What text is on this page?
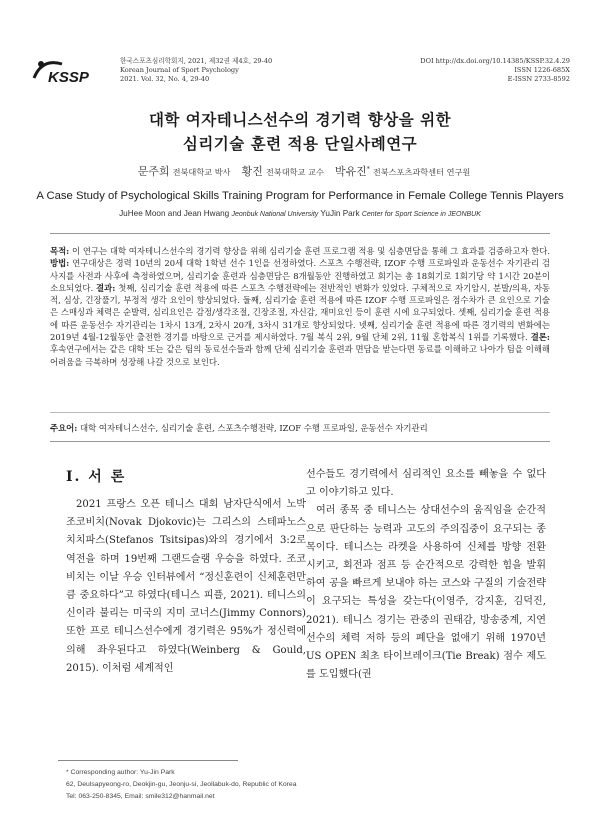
KSSP
한국스포츠심리학회지, 2021, 제32권 제4호, 29-40
Korean Journal of Sport Psychology
2021. Vol. 32, No. 4, 29-40
DOI http://dx.doi.org/10.14385/KSSP.32.4.29
ISSN 1226-685X
E-ISSN 2733-8592
대학 여자테니스선수의 경기력 향상을 위한
심리기술 훈련 적용 단일사례연구
문주희 전북대학교 박사 황진 전북대학교 교수 박유진* 전북스포츠과학센터 연구원
A Case Study of Psychological Skills Training Program for Performance in Female College Tennis Players
JuHee Moon and Jean Hwang Jeonbuk National University YuJin Park Center for Sport Science in JEONBUK
목적: 이 연구는 대학 여자테니스선수의 경기력 향상을 위해 심리기술 훈련 프로그램 적용 및 심층면담을 통해 그 효과를 검증하고자 한다. 방법: 연구대상은 경력 10년의 20세 대학 1학년 선수 1인을 선정하였다. 스포츠 수행전략, IZOF 수행 프로파일과 운동선수 자기관리 검사지를 사전과 사후에 측정하였으며, 심리기술 훈련과 심층면담은 8개월동안 진행하였고 회기는 총 18회기로 1회기당 약 1시간 20분이 소요되었다. 결과: 첫째, 심리기술 훈련 적용에 따른 스포츠 수행전략에는 전반적인 변화가 있었다. 구체적으로 자기암시, 분발/의욕, 자동적, 심상, 긴장풀기, 부정적 생각 요인이 향상되었다. 둘째, 심리기술 훈련 적용에 따른 IZOF 수행 프로파일은 점수차가 큰 요인으로 기술은 스매싱과 체력은 순발력, 심리요인은 감정/생각조절, 긴장조절, 자신감, 재미요인 등이 훈련 시에 요구되었다. 셋째, 심리기술 훈련 적용에 따른 운동선수 자기관리는 1차시 13개, 2차시 20개, 3차시 31개로 향상되었다. 넷째, 심리기술 훈련 적용에 따른 경기력의 변화에는 2019년 4월-12월동안 출전한 경기를 바탕으로 근거를 제시하였다. 7월 복식 2위, 9월 단체 2위, 11월 혼합복식 1위를 기록했다. 결론: 후속연구에서는 같은 대학 또는 같은 팀의 동료선수들과 함께 단체 심리기술 훈련과 면담을 받는다면 동료를 이해하고 나아가 팀을 이해해 어려움을 극복하며 성장해 나갈 것으로 보인다.
주요어: 대학 여자테니스선수, 심리기술 훈련, 스포츠수행전략, IZOF 수행 프로파일, 운동선수 자기관리
Ⅰ. 서 론

2021 프랑스 오픈 테니스 대회 남자단식에서 노박 조코비치(Novak Djokovic)는 그리스의 스테파노스 치치파스(Stefanos Tsitsipas)와의 경기에서 3:2로 역전을 하며 19번째 그랜드슬램 우승을 하였다. 조코비치는 이날 우승 인터뷰에서 “정신훈련이 신체훈련만큼 중요하다”고 하였다(테니스 피플, 2021). 테니스의 신이라 불리는 미국의 지미 코너스(Jimmy Connors) 또한 프로 테니스선수에게 경기력은 95%가 정신력에 의해 좌우된다고 하였다(Weinberg & Gould, 2015). 이처럼 세계적인

선수들도 경기력에서 심리적인 요소를 빼놓을 수 없다고 이야기하고 있다.

여러 종목 중 테니스는 상대선수의 움직임을 순간적으로 판단하는 능력과 고도의 주의집중이 요구되는 종목이다. 테니스는 라켓을 사용하여 신체를 방향 전환 시키고, 회전과 점프 등 순간적으로 강력한 힘을 발휘하여 공을 빠르게 보내야 하는 코스와 구질의 기술전략이 요구되는 특성을 갖는다(이영주, 강지훈, 김덕진, 2021). 테니스 경기는 관중의 권태감, 방송중계, 지연선수의 체력 저하 등의 폐단을 없애기 위해 1970년 US OPEN 최초 타이브레이크(Tie Break) 점수 제도를 도입했다(권

* Corresponding author: Yu-Jin Park
62, Deulsapyeong-ro, Deokjin-gu, Jeonju-si, Jeollabuk-do, Republic of Korea
Tel: 063-250-8345, Email: smile312@hanmail.net
